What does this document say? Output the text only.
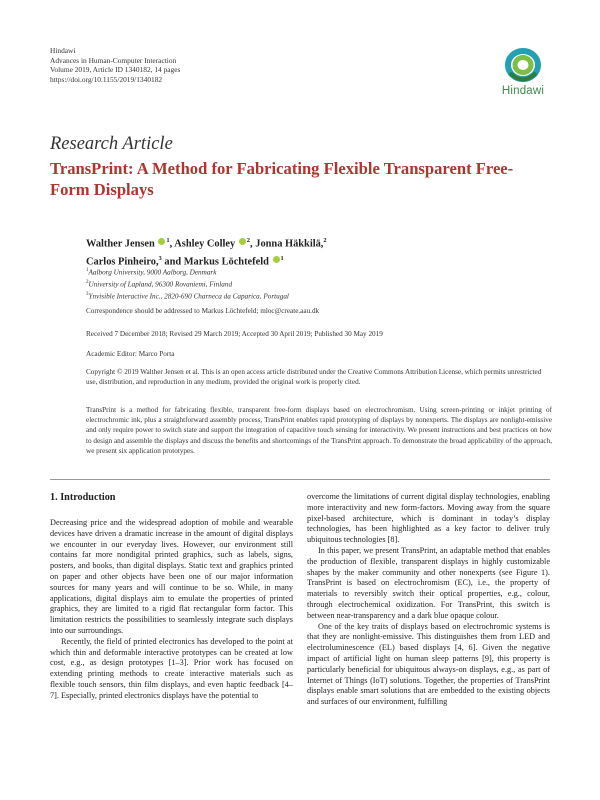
Hindawi
Advances in Human-Computer Interaction
Volume 2019, Article ID 1340182, 14 pages
https://doi.org/10.1155/2019/1340182
Hindawi
Research Article
TransPrint: A Method for Fabricating Flexible Transparent Free-Form Displays
Walther Jensen $^1$, Ashley Colley $^2$, Jonna Häkkilä,$^2$
Carlos Pinheiro,$^3$ and Markus Löchtefeld $^1$
$^1$Aalborg University, 9000 Aalborg, Denmark
$^2$University of Lapland, 96300 Rovaniemi, Finland
$^3$Ynvisible Interactive Inc., 2820-690 Charneca da Caparica, Portugal
Correspondence should be addressed to Markus Löchtefeld; mloc@create.aau.dk
Received 7 December 2018; Revised 29 March 2019; Accepted 30 April 2019; Published 30 May 2019
Academic Editor: Marco Porta
Copyright © 2019 Walther Jensen et al. This is an open access article distributed under the Creative Commons Attribution License, which permits unrestricted use, distribution, and reproduction in any medium, provided the original work is properly cited.
TransPrint is a method for fabricating flexible, transparent free-form displays based on electrochromism. Using screen-printing or inkjet printing of electrochromic ink, plus a straightforward assembly process, TransPrint enables rapid prototyping of displays by nonexperts. The displays are nonlight-emissive and only require power to switch state and support the integration of capacitive touch sensing for interactivity. We present instructions and best practices on how to design and assemble the displays and discuss the benefits and shortcomings of the TransPrint approach. To demonstrate the broad applicability of the approach, we present six application prototypes.
1. Introduction

Decreasing price and the widespread adoption of mobile and wearable devices have driven a dramatic increase in the amount of digital displays we encounter in our everyday lives. However, our environment still contains far more nondigital printed graphics, such as labels, signs, posters, and books, than digital displays. Static text and graphics printed on paper and other objects have been one of our major information sources for many years and will continue to be so. While, in many applications, digital displays aim to emulate the properties of printed graphics, they are limited to a rigid flat rectangular form factor. This limitation restricts the possibilities to seamlessly integrate such displays into our surroundings.

Recently, the field of printed electronics has developed to the point at which thin and deformable interactive prototypes can be created at low cost, e.g., as design prototypes [1–3]. Prior work has focused on extending printing methods to create interactive materials such as flexible touch sensors, thin film displays, and even haptic feedback [4–7]. Especially, printed electronics displays have the potential to

overcome the limitations of current digital display technologies, enabling more interactivity and new form-factors. Moving away from the square pixel-based architecture, which is dominant in today’s display technologies, has been highlighted as a key factor to deliver truly ubiquitous technologies [8].

In this paper, we present TransPrint, an adaptable method that enables the production of flexible, transparent displays in highly customizable shapes by the maker community and other nonexperts (see Figure 1). TransPrint is based on electrochromism (EC), i.e., the property of materials to reversibly switch their optical properties, e.g., colour, through electrochemical oxidization. For TransPrint, this switch is between near-transparency and a dark blue opaque colour.

One of the key traits of displays based on electrochromic systems is that they are nonlight-emissive. This distinguishes them from LED and electroluminescence (EL) based displays [4, 6]. Given the negative impact of artificial light on human sleep patterns [9], this property is particularly beneficial for ubiquitous always-on displays, e.g., as part of Internet of Things (IoT) solutions. Together, the properties of TransPrint displays enable smart solutions that are embedded to the existing objects and surfaces of our environment, fulfilling
